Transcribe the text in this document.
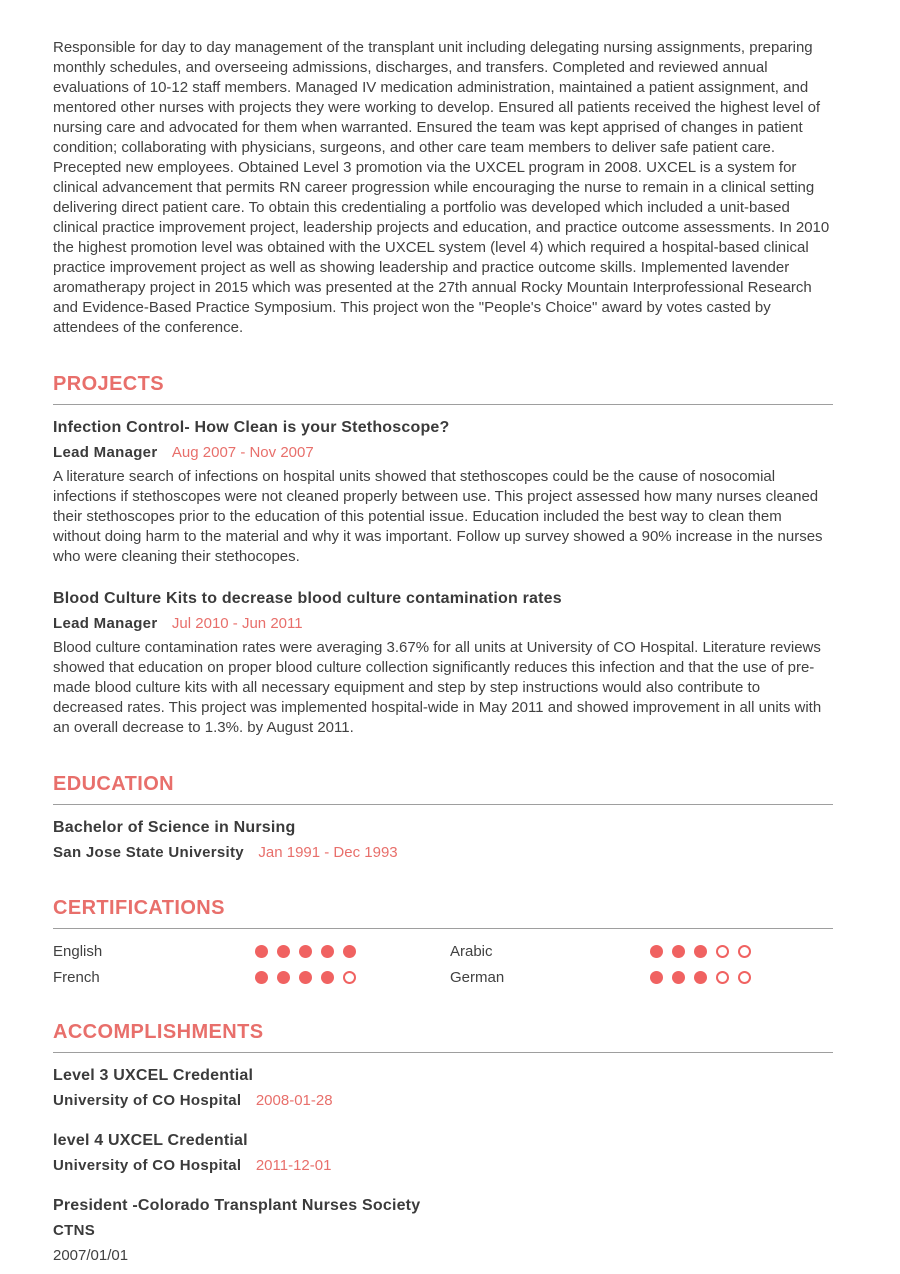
Responsible for day to day management of the transplant unit including delegating nursing assignments, preparing monthly schedules, and overseeing admissions, discharges, and transfers. Completed and reviewed annual evaluations of 10-12 staff members. Managed IV medication administration, maintained a patient assignment, and mentored other nurses with projects they were working to develop. Ensured all patients received the highest level of nursing care and advocated for them when warranted. Ensured the team was kept apprised of changes in patient condition; collaborating with physicians, surgeons, and other care team members to deliver safe patient care. Precepted new employees. Obtained Level 3 promotion via the UXCEL program in 2008. UXCEL is a system for clinical advancement that permits RN career progression while encouraging the nurse to remain in a clinical setting delivering direct patient care. To obtain this credentialing a portfolio was developed which included a unit-based clinical practice improvement project, leadership projects and education, and practice outcome assessments. In 2010 the highest promotion level was obtained with the UXCEL system (level 4) which required a hospital-based clinical practice improvement project as well as showing leadership and practice outcome skills. Implemented lavender aromatherapy project in 2015 which was presented at the 27th annual Rocky Mountain Interprofessional Research and Evidence-Based Practice Symposium. This project won the "People's Choice" award by votes casted by attendees of the conference.

PROJECTS
Infection Control- How Clean is your Stethoscope?
Lead Manager Aug 2007 - Nov 2007

A literature search of infections on hospital units showed that stethoscopes could be the cause of nosocomial infections if stethoscopes were not cleaned properly between use. This project assessed how many nurses cleaned their stethoscopes prior to the education of this potential issue. Education included the best way to clean them without doing harm to the material and why it was important. Follow up survey showed a 90% increase in the nurses who were cleaning their stethocopes.

Blood Culture Kits to decrease blood culture contamination rates
Lead Manager Jul 2010 - Jun 2011

Blood culture contamination rates were averaging 3.67% for all units at University of CO Hospital. Literature reviews showed that education on proper blood culture collection significantly reduces this infection and that the use of pre-made blood culture kits with all necessary equipment and step by step instructions would also contribute to decreased rates. This project was implemented hospital-wide in May 2011 and showed improvement in all units with an overall decrease to 1.3%. by August 2011.

EDUCATION
Bachelor of Science in Nursing
San Jose State University Jan 1991 - Dec 1993
CERTIFICATIONS
English	Arabic
French	German
ACCOMPLISHMENTS
Level 3 UXCEL Credential
University of CO Hospital 2008-01-28
level 4 UXCEL Credential
University of CO Hospital 2011-12-01
President -Colorado Transplant Nurses Society
CTNS
2007/01/01
